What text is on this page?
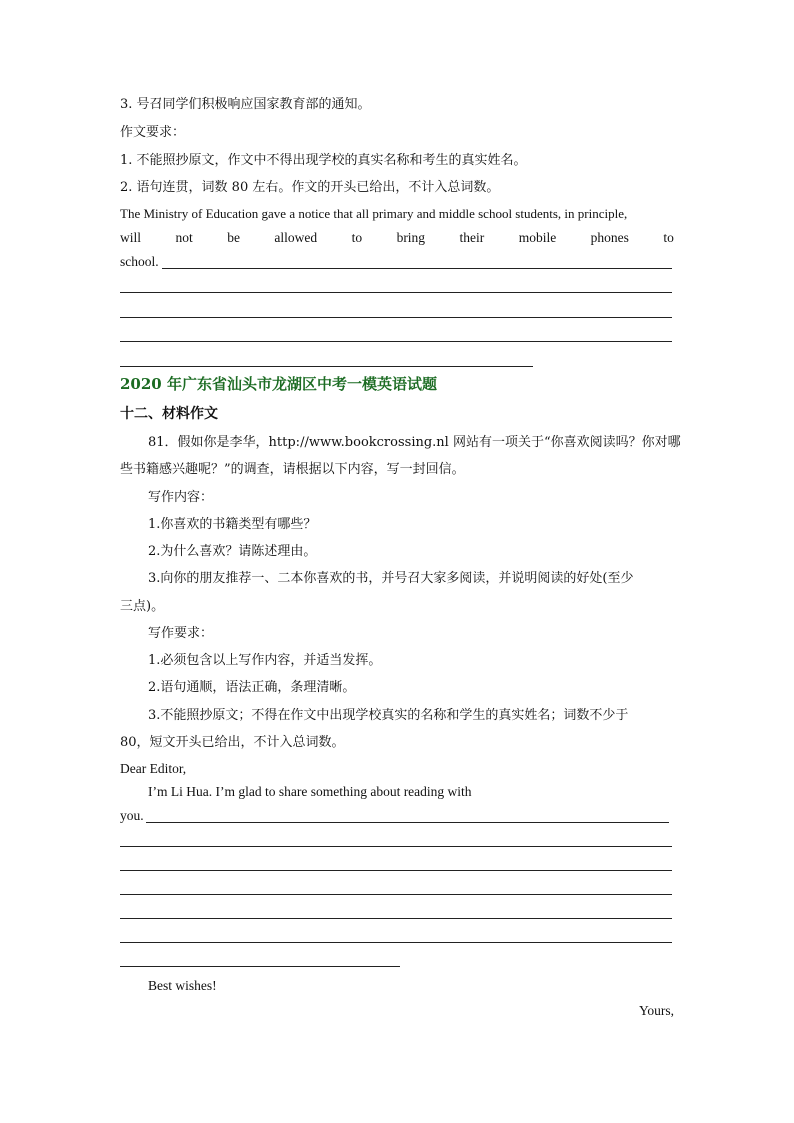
3. 号召同学们积极响应国家教育部的通知。
作文要求：
1. 不能照抄原文，作文中不得出现学校的真实名称和考生的真实姓名。
2. 语句连贯，词数 80 左右。作文的开头已给出，不计入总词数。
The Ministry of Education gave a notice that all primary and middle school students, in principle,
will	not	be	allowed	to	bring	their	mobile	phones	to
school.
2020 年广东省汕头市龙湖区中考一模英语试题
十二、材料作文
81．假如你是李华，http://www.bookcrossing.nl 网站有一项关于“你喜欢阅读吗？你对哪
些书籍感兴趣呢？”的调查，请根据以下内容，写一封回信。
写作内容：
1.你喜欢的书籍类型有哪些？
2.为什么喜欢？请陈述理由。
3.向你的朋友推荐一、二本你喜欢的书，并号召大家多阅读，并说明阅读的好处(至少
三点)。
写作要求：
1.必须包含以上写作内容，并适当发挥。
2.语句通顺，语法正确，条理清晰。
3.不能照抄原文；不得在作文中出现学校真实的名称和学生的真实姓名；词数不少于
80，短文开头已给出，不计入总词数。
Dear Editor,
I’m Li Hua. I’m glad to share something about reading with
you.
Best wishes!
Yours,
